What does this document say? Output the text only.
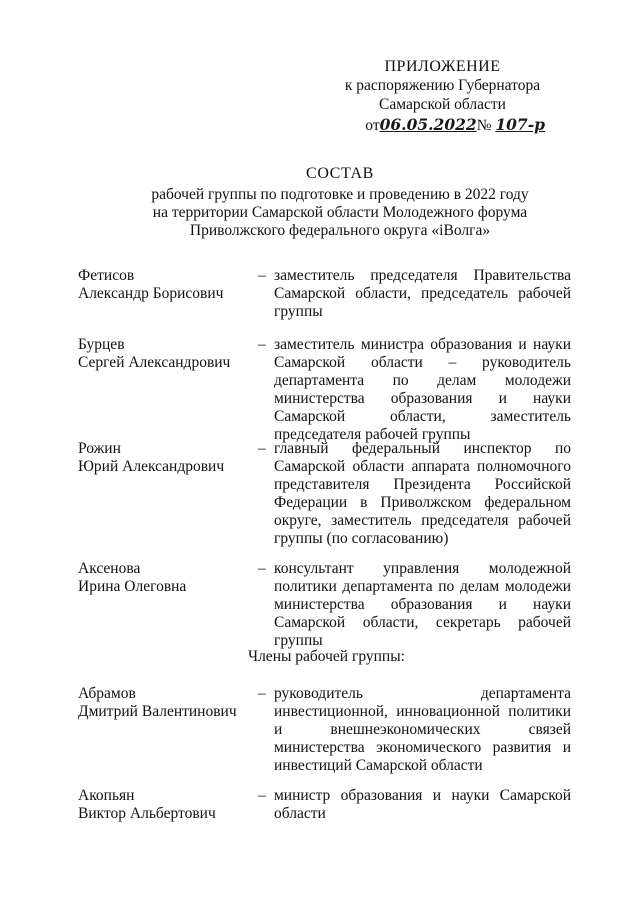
ПРИЛОЖЕНИЕ
к распоряжению Губернатора
Самарской области
от06.05.2022№ 107-р
СОСТАВ
рабочей группы по подготовке и проведению в 2022 году
на территории Самарской области Молодежного форума
Приволжского федерального округа «iВолга»
Фетисов
Александр Борисович
– заместитель председателя Правительства Самарской области, председатель рабочей группы
Бурцев
Сергей Александрович
– заместитель министра образования и науки Самарской области – руководитель департамента по делам молодежи министерства образования и науки Самарской области, заместитель председателя рабочей группы
Рожин
Юрий Александрович
– главный федеральный инспектор по Самарской области аппарата полномочного представителя Президента Российской Федерации в Приволжском федеральном округе, заместитель председателя рабочей группы (по согласованию)
Аксенова
Ирина Олеговна
– консультант управления молодежной политики департамента по делам молодежи министерства образования и науки Самарской области, секретарь рабочей группы
Члены рабочей группы:
Абрамов
Дмитрий Валентинович
– руководитель департамента инвестиционной, инновационной политики и внешнеэкономических связей министерства экономического развития и инвестиций Самарской области
Акопьян
Виктор Альбертович
– министр образования и науки Самарской области
